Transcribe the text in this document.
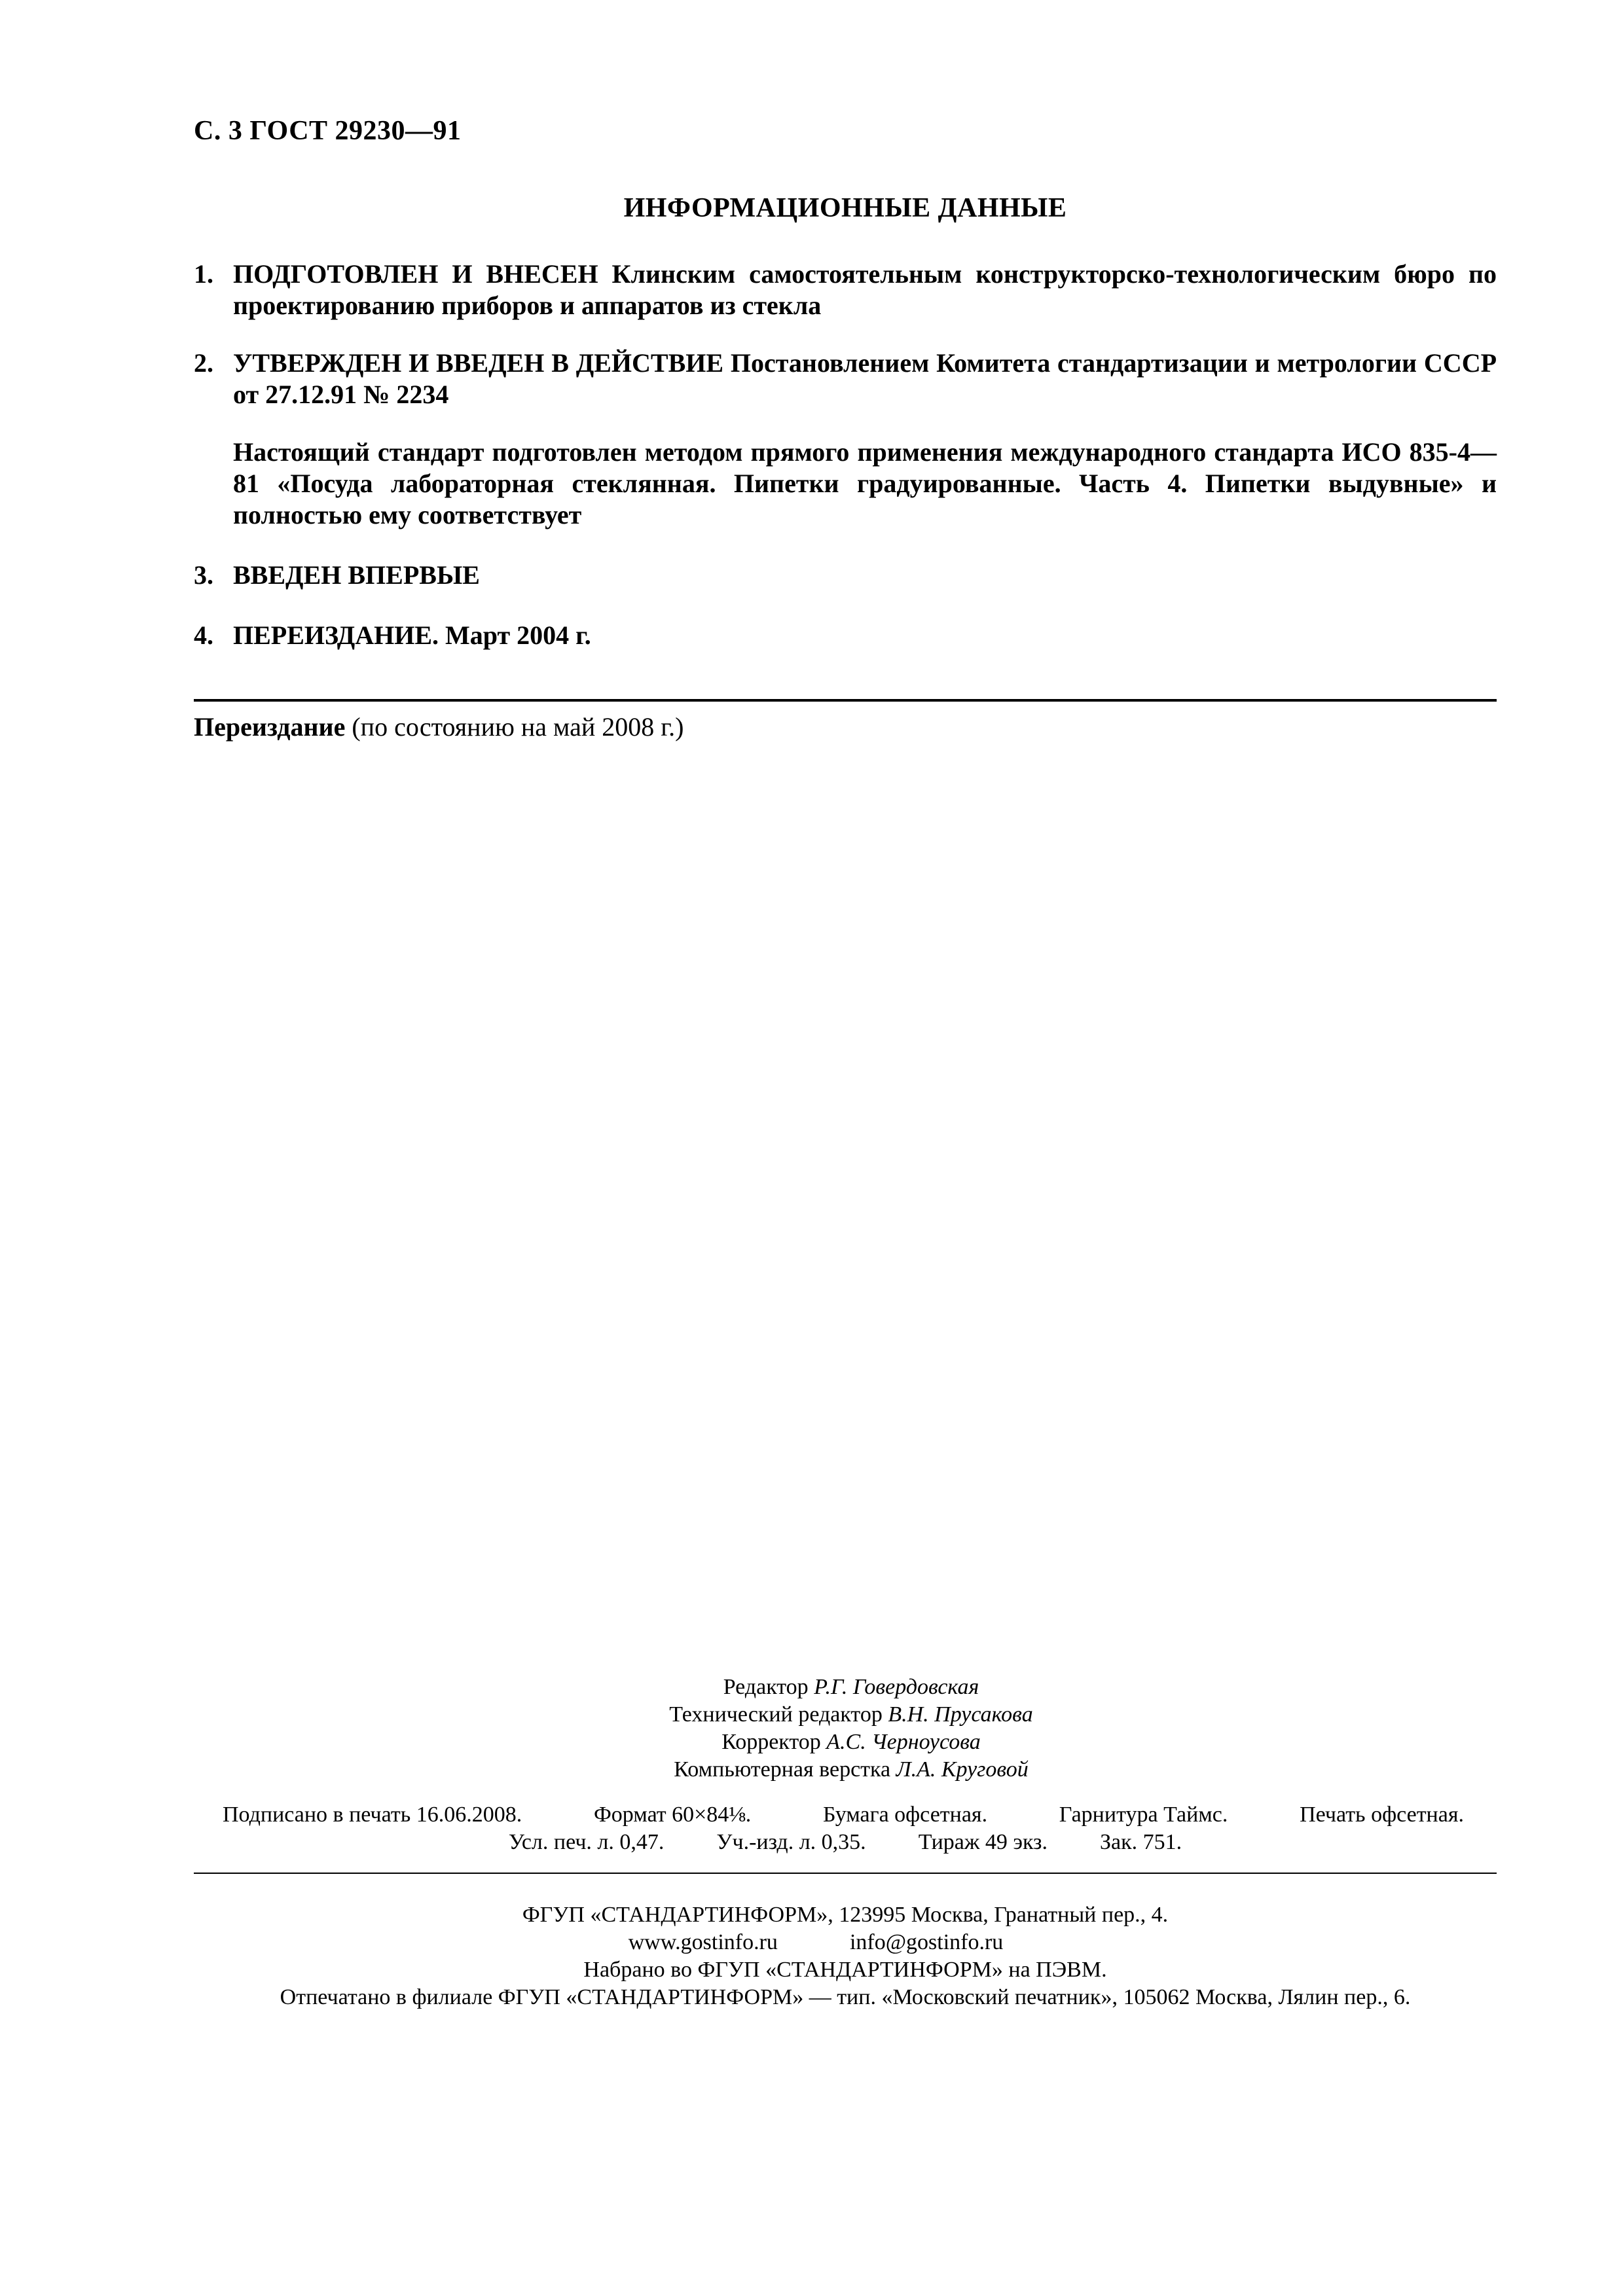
С. 3 ГОСТ 29230—91
ИНФОРМАЦИОННЫЕ ДАННЫЕ
1. ПОДГОТОВЛЕН И ВНЕСЕН Клинским самостоятельным конструкторско-технологическим бюро по проектированию приборов и аппаратов из стекла
2. УТВЕРЖДЕН И ВВЕДЕН В ДЕЙСТВИЕ Постановлением Комитета стандартизации и метрологии СССР от 27.12.91 № 2234
Настоящий стандарт подготовлен методом прямого применения международного стандарта ИСО 835-4—81 «Посуда лабораторная стеклянная. Пипетки градуированные. Часть 4. Пипетки выдувные» и полностью ему соответствует
3. ВВЕДЕН ВПЕРВЫЕ
4. ПЕРЕИЗДАНИЕ. Март 2004 г.
Переиздание (по состоянию на май 2008 г.)
Редактор Р.Г. Говердовская
Технический редактор В.Н. Прусакова
Корректор А.С. Черноусова
Компьютерная верстка Л.А. Круговой
Подписано в печать 16.06.2008.	Формат 60×84⅛.	Бумага офсетная.	Гарнитура Таймс.	Печать офсетная.
Усл. печ. л. 0,47. Уч.-изд. л. 0,35. Тираж 49 экз. Зак. 751.
ФГУП «СТАНДАРТИНФОРМ», 123995 Москва, Гранатный пер., 4.
www.gostinfo.ru	info@gostinfo.ru
Набрано во ФГУП «СТАНДАРТИНФОРМ» на ПЭВМ.
Отпечатано в филиале ФГУП «СТАНДАРТИНФОРМ» — тип. «Московский печатник», 105062 Москва, Лялин пер., 6.
